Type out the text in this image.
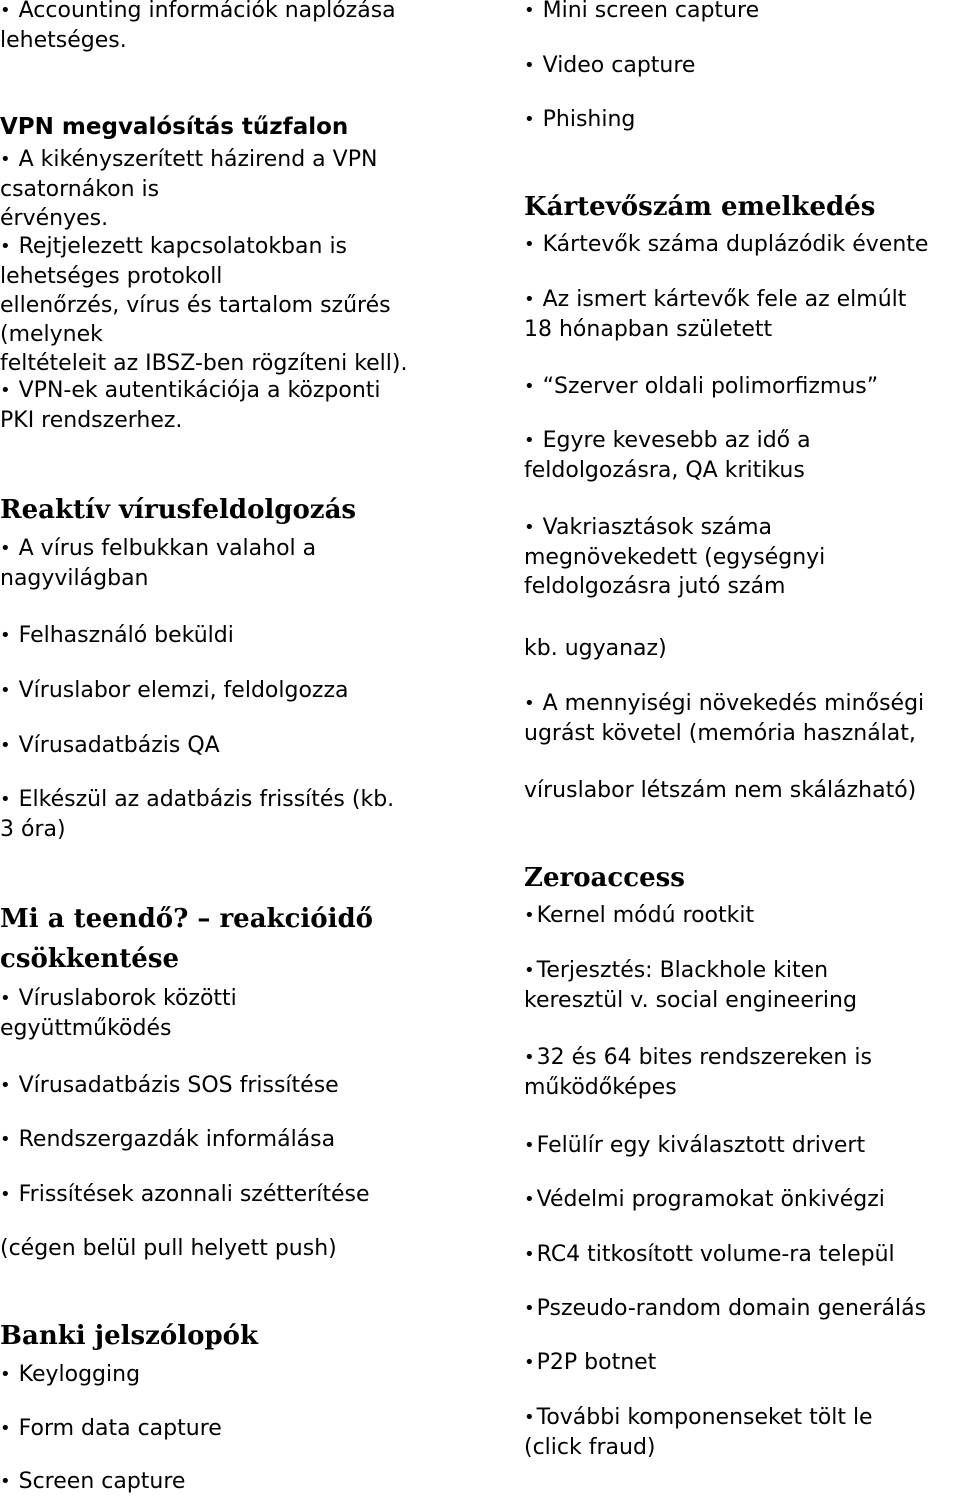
• Accounting információk naplózása
lehetséges.

VPN megvalósítás tűzfalon

• A kikényszerített házirend a VPN
csatornákon is
érvényes.

• Rejtjelezett kapcsolatokban is
lehetséges protokoll
ellenőrzés, vírus és tartalom szűrés
(melynek
feltételeit az IBSZ-ben rögzíteni kell).

• VPN-ek autentikációja a központi
PKI rendszerhez.

Reaktív vírusfeldolgozás

• A vírus felbukkan valahol a
nagyvilágban

• Felhasználó beküldi

• Víruslabor elemzi, feldolgozza

• Vírusadatbázis QA

• Elkészül az adatbázis frissítés (kb.
3 óra)

Mi a teendő? – reakcióidő
csökkentése

• Víruslaborok közötti
együttműködés

• Vírusadatbázis SOS frissítése

• Rendszergazdák informálása

• Frissítések azonnali szétterítése

(cégen belül pull helyett push)

Banki jelszólopók

• Keylogging

• Form data capture

• Screen capture

• Mini screen capture

• Video capture

• Phishing

Kártevőszám emelkedés

• Kártevők száma duplázódik évente

• Az ismert kártevők fele az elmúlt
18 hónapban született

• “Szerver oldali polimorfizmus”

• Egyre kevesebb az idő a
feldolgozásra, QA kritikus

• Vakriasztások száma
megnövekedett (egységnyi
feldolgozásra jutó szám

kb. ugyanaz)

• A mennyiségi növekedés minőségi
ugrást követel (memória használat,

víruslabor létszám nem skálázható)

Zeroaccess

• Kernel módú rootkit

• Terjesztés: Blackhole kiten
keresztül v. social engineering

• 32 és 64 bites rendszereken is
működőképes

• Felülír egy kiválasztott drivert

• Védelmi programokat önkivégzi

• RC4 titkosított volume-ra települ

• Pszeudo-random domain generálás

• P2P botnet

• További komponenseket tölt le
(click fraud)
